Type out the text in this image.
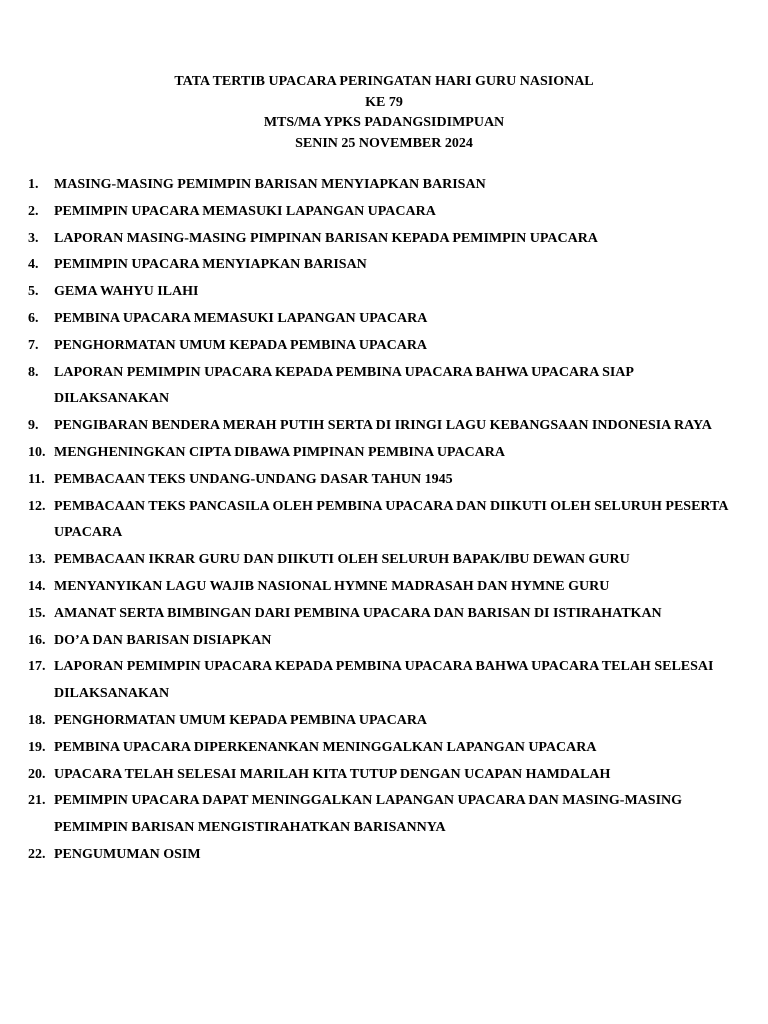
TATA TERTIB UPACARA PERINGATAN HARI GURU NASIONAL
KE 79
MTS/MA YPKS PADANGSIDIMPUAN
SENIN 25 NOVEMBER 2024
1.	MASING-MASING PEMIMPIN BARISAN MENYIAPKAN BARISAN
2.	PEMIMPIN UPACARA MEMASUKI LAPANGAN UPACARA
3.	LAPORAN MASING-MASING PIMPINAN BARISAN KEPADA PEMIMPIN UPACARA
4.	PEMIMPIN UPACARA MENYIAPKAN BARISAN
5.	GEMA WAHYU ILAHI
6.	PEMBINA UPACARA MEMASUKI LAPANGAN UPACARA
7.	PENGHORMATAN UMUM KEPADA PEMBINA UPACARA
8.	LAPORAN PEMIMPIN UPACARA KEPADA PEMBINA UPACARA BAHWA UPACARA SIAP DILAKSANAKAN
9.	PENGIBARAN BENDERA MERAH PUTIH SERTA DI IRINGI LAGU KEBANGSAAN INDONESIA RAYA
10. MENGHENINGKAN CIPTA DIBAWA PIMPINAN PEMBINA UPACARA
11. PEMBACAAN TEKS UNDANG-UNDANG DASAR TAHUN 1945
12. PEMBACAAN TEKS PANCASILA OLEH PEMBINA UPACARA DAN DIIKUTI OLEH SELURUH PESERTA UPACARA
13. PEMBACAAN IKRAR GURU DAN DIIKUTI OLEH SELURUH BAPAK/IBU DEWAN GURU
14. MENYANYIKAN LAGU WAJIB NASIONAL HYMNE MADRASAH DAN HYMNE GURU
15. AMANAT SERTA BIMBINGAN DARI PEMBINA UPACARA DAN BARISAN DI ISTIRAHATKAN
16. DO’A DAN BARISAN DISIAPKAN
17. LAPORAN PEMIMPIN UPACARA KEPADA PEMBINA UPACARA BAHWA UPACARA TELAH SELESAI DILAKSANAKAN
18. PENGHORMATAN UMUM KEPADA PEMBINA UPACARA
19. PEMBINA UPACARA DIPERKENANKAN MENINGGALKAN LAPANGAN UPACARA
20. UPACARA TELAH SELESAI MARILAH KITA TUTUP DENGAN UCAPAN HAMDALAH
21. PEMIMPIN UPACARA DAPAT MENINGGALKAN LAPANGAN UPACARA DAN MASING-MASING PEMIMPIN BARISAN MENGISTIRAHATKAN BARISANNYA
22. PENGUMUMAN OSIM
